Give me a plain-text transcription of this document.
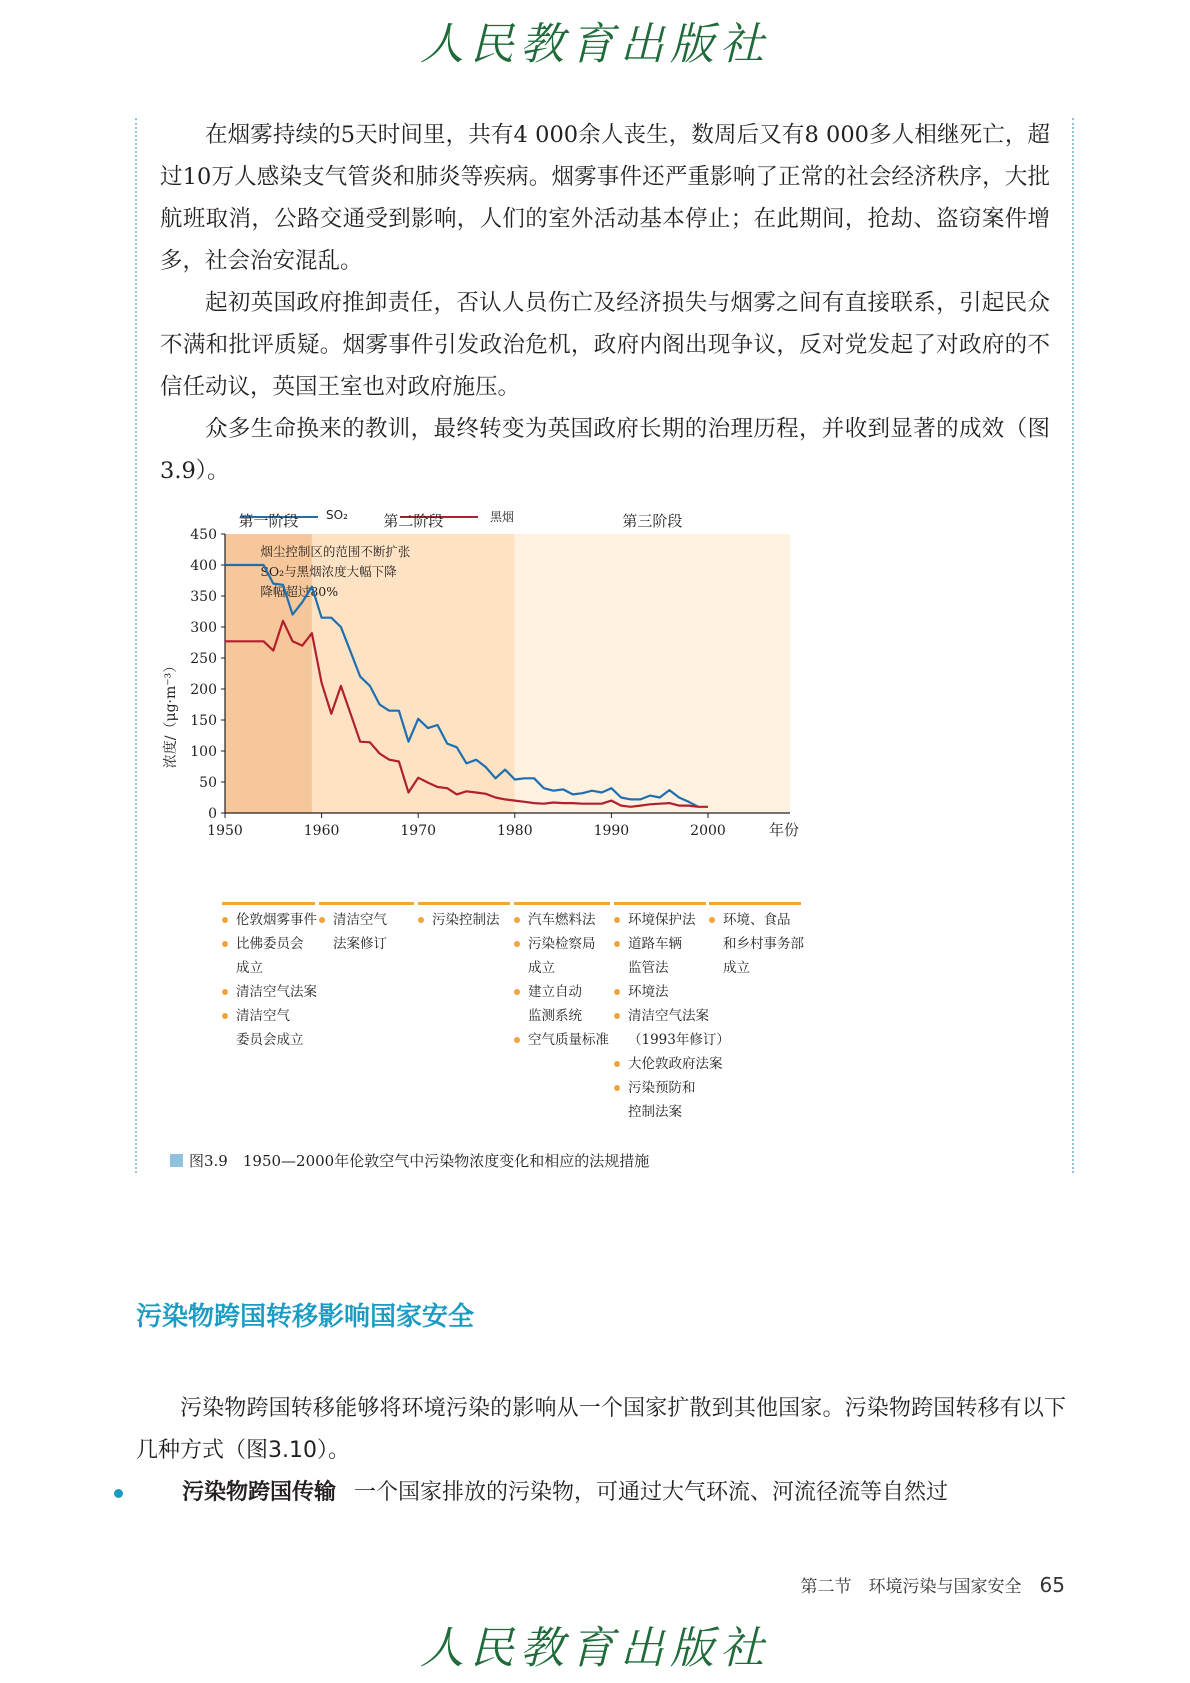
人民教育出版社
在烟雾持续的5天时间里，共有4 000余人丧生，数周后又有8 000多人相继死亡，超过10万人感染支气管炎和肺炎等疾病。烟雾事件还严重影响了正常的社会经济秩序，大批航班取消，公路交通受到影响，人们的室外活动基本停止；在此期间，抢劫、盗窃案件增多，社会治安混乱。
起初英国政府推卸责任，否认人员伤亡及经济损失与烟雾之间有直接联系，引起民众不满和批评质疑。烟雾事件引发政治危机，政府内阁出现争议，反对党发起了对政府的不信任动议，英国王室也对政府施压。
众多生命换来的教训，最终转变为英国政府长期的治理历程，并收到显著的成效（图3.9）。
SO₂	黑烟
第一阶段	第二阶段	第三阶段
烟尘控制区的范围不断扩张
SO₂与黑烟浓度大幅下降
降幅超过80%
0
50
100
150
200
250
300
350
400
450
1950	1960	1970	1980	1990	2000	年份
浓度/（μg·m⁻³）
伦敦烟雾事件
比佛委员会
成立
清洁空气法案
清洁空气
委员会成立
清洁空气
法案修订
污染控制法	汽车燃料法
污染检察局
成立
建立自动
监测系统
空气质量标准
环境保护法
道路车辆
监管法
环境法
清洁空气法案
（1993年修订）
大伦敦政府法案
污染预防和
控制法案
环境、食品
和乡村事务部
成立
图3.9　1950—2000年伦敦空气中污染物浓度变化和相应的法规措施
污染物跨国转移影响国家安全
污染物跨国转移能够将环境污染的影响从一个国家扩散到其他国家。污染物跨国转移有以下几种方式（图3.10）。
污染物跨国传输 一个国家排放的污染物，可通过大气环流、河流径流等自然过
第二节　环境污染与国家安全 65
人民教育出版社
